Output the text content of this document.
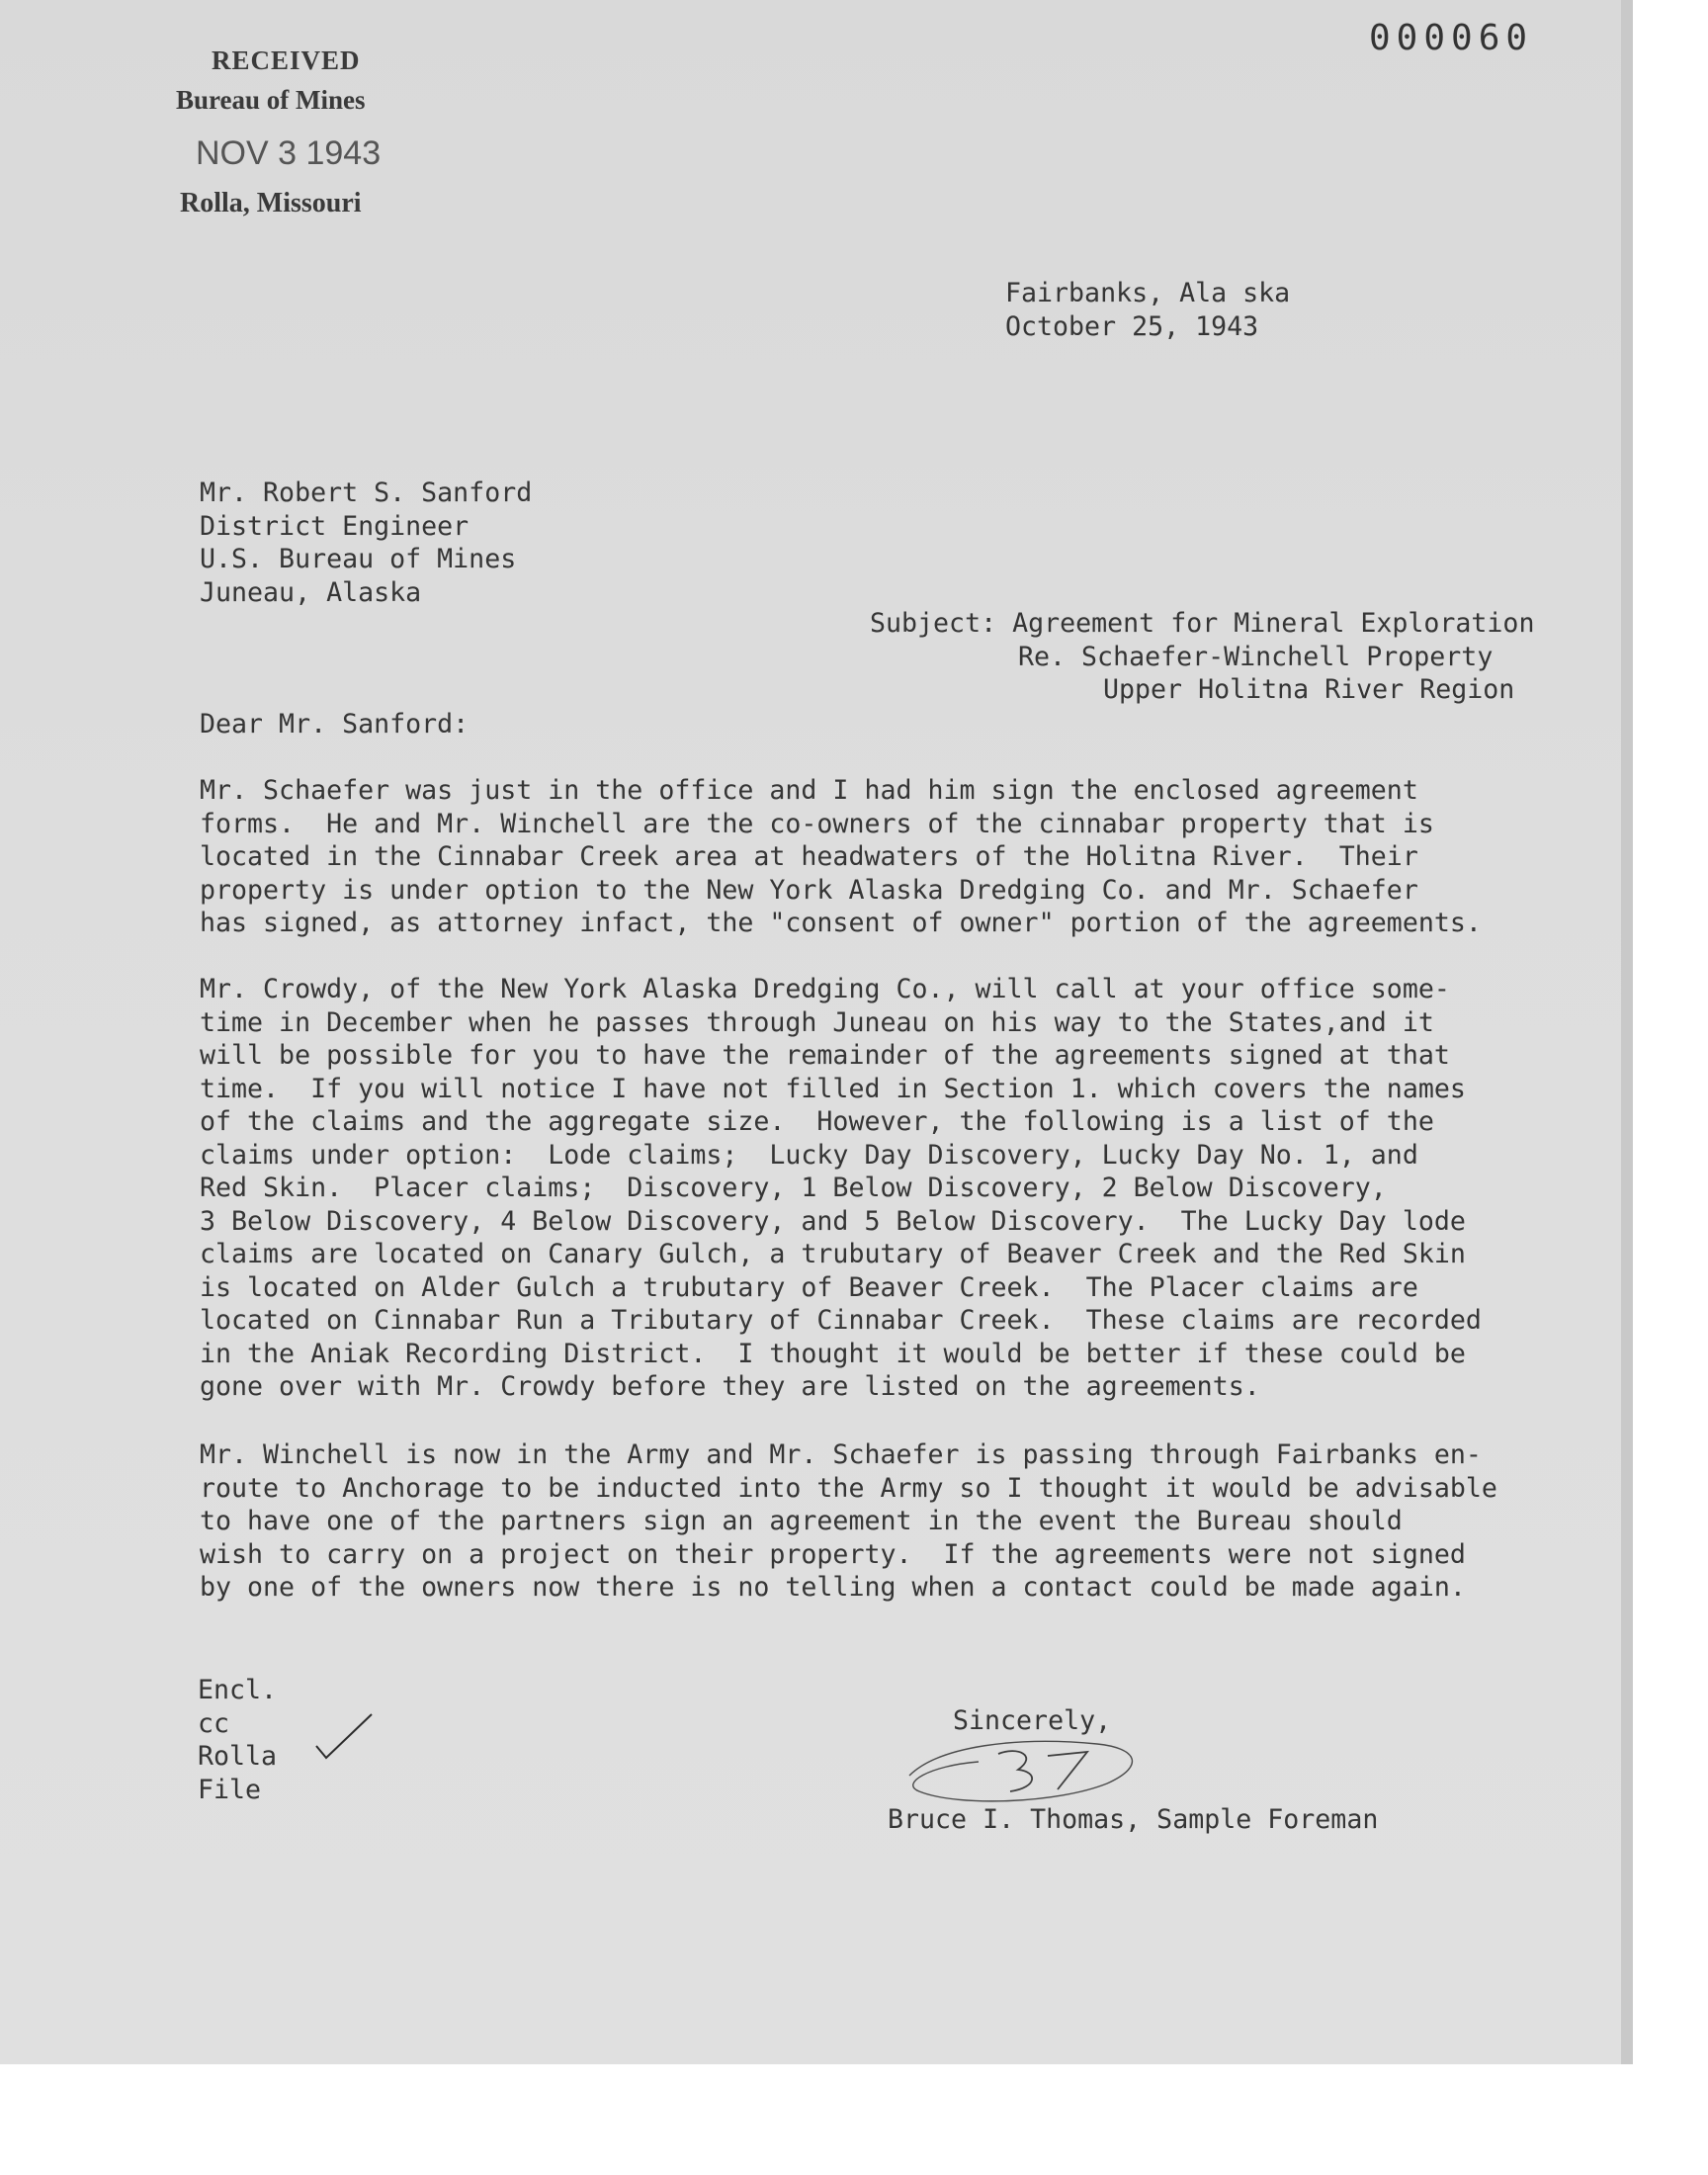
000060
RECEIVED
Bureau of Mines
NOV 3 1943
Rolla, Missouri
Fairbanks, Ala ska
October 25, 1943
Mr. Robert S. Sanford
District Engineer
U.S. Bureau of Mines
Juneau, Alaska

Subject: Agreement for Mineral Exploration

Re. Schaefer-Winchell Property

Upper Holitna River Region

Dear Mr. Sanford:
Mr. Schaefer was just in the office and I had him sign the enclosed agreement
forms.  He and Mr. Winchell are the co-owners of the cinnabar property that is
located in the Cinnabar Creek area at headwaters of the Holitna River.  Their
property is under option to the New York Alaska Dredging Co. and Mr. Schaefer
has signed, as attorney infact, the "consent of owner" portion of the agreements.
Mr. Crowdy, of the New York Alaska Dredging Co., will call at your office some-
time in December when he passes through Juneau on his way to the States,and it
will be possible for you to have the remainder of the agreements signed at that
time.  If you will notice I have not filled in Section 1. which covers the names
of the claims and the aggregate size.  However, the following is a list of the
claims under option:  Lode claims;  Lucky Day Discovery, Lucky Day No. 1, and
Red Skin.  Placer claims;  Discovery, 1 Below Discovery, 2 Below Discovery,
3 Below Discovery, 4 Below Discovery, and 5 Below Discovery.  The Lucky Day lode
claims are located on Canary Gulch, a trubutary of Beaver Creek and the Red Skin
is located on Alder Gulch a trubutary of Beaver Creek.  The Placer claims are
located on Cinnabar Run a Tributary of Cinnabar Creek.  These claims are recorded
in the Aniak Recording District.  I thought it would be better if these could be
gone over with Mr. Crowdy before they are listed on the agreements.
Mr. Winchell is now in the Army and Mr. Schaefer is passing through Fairbanks en-
route to Anchorage to be inducted into the Army so I thought it would be advisable
to have one of the partners sign an agreement in the event the Bureau should
wish to carry on a project on their property.  If the agreements were not signed
by one of the owners now there is no telling when a contact could be made again.
Encl.
cc
Rolla
File
Sincerely,
Bruce I. Thomas, Sample Foreman
